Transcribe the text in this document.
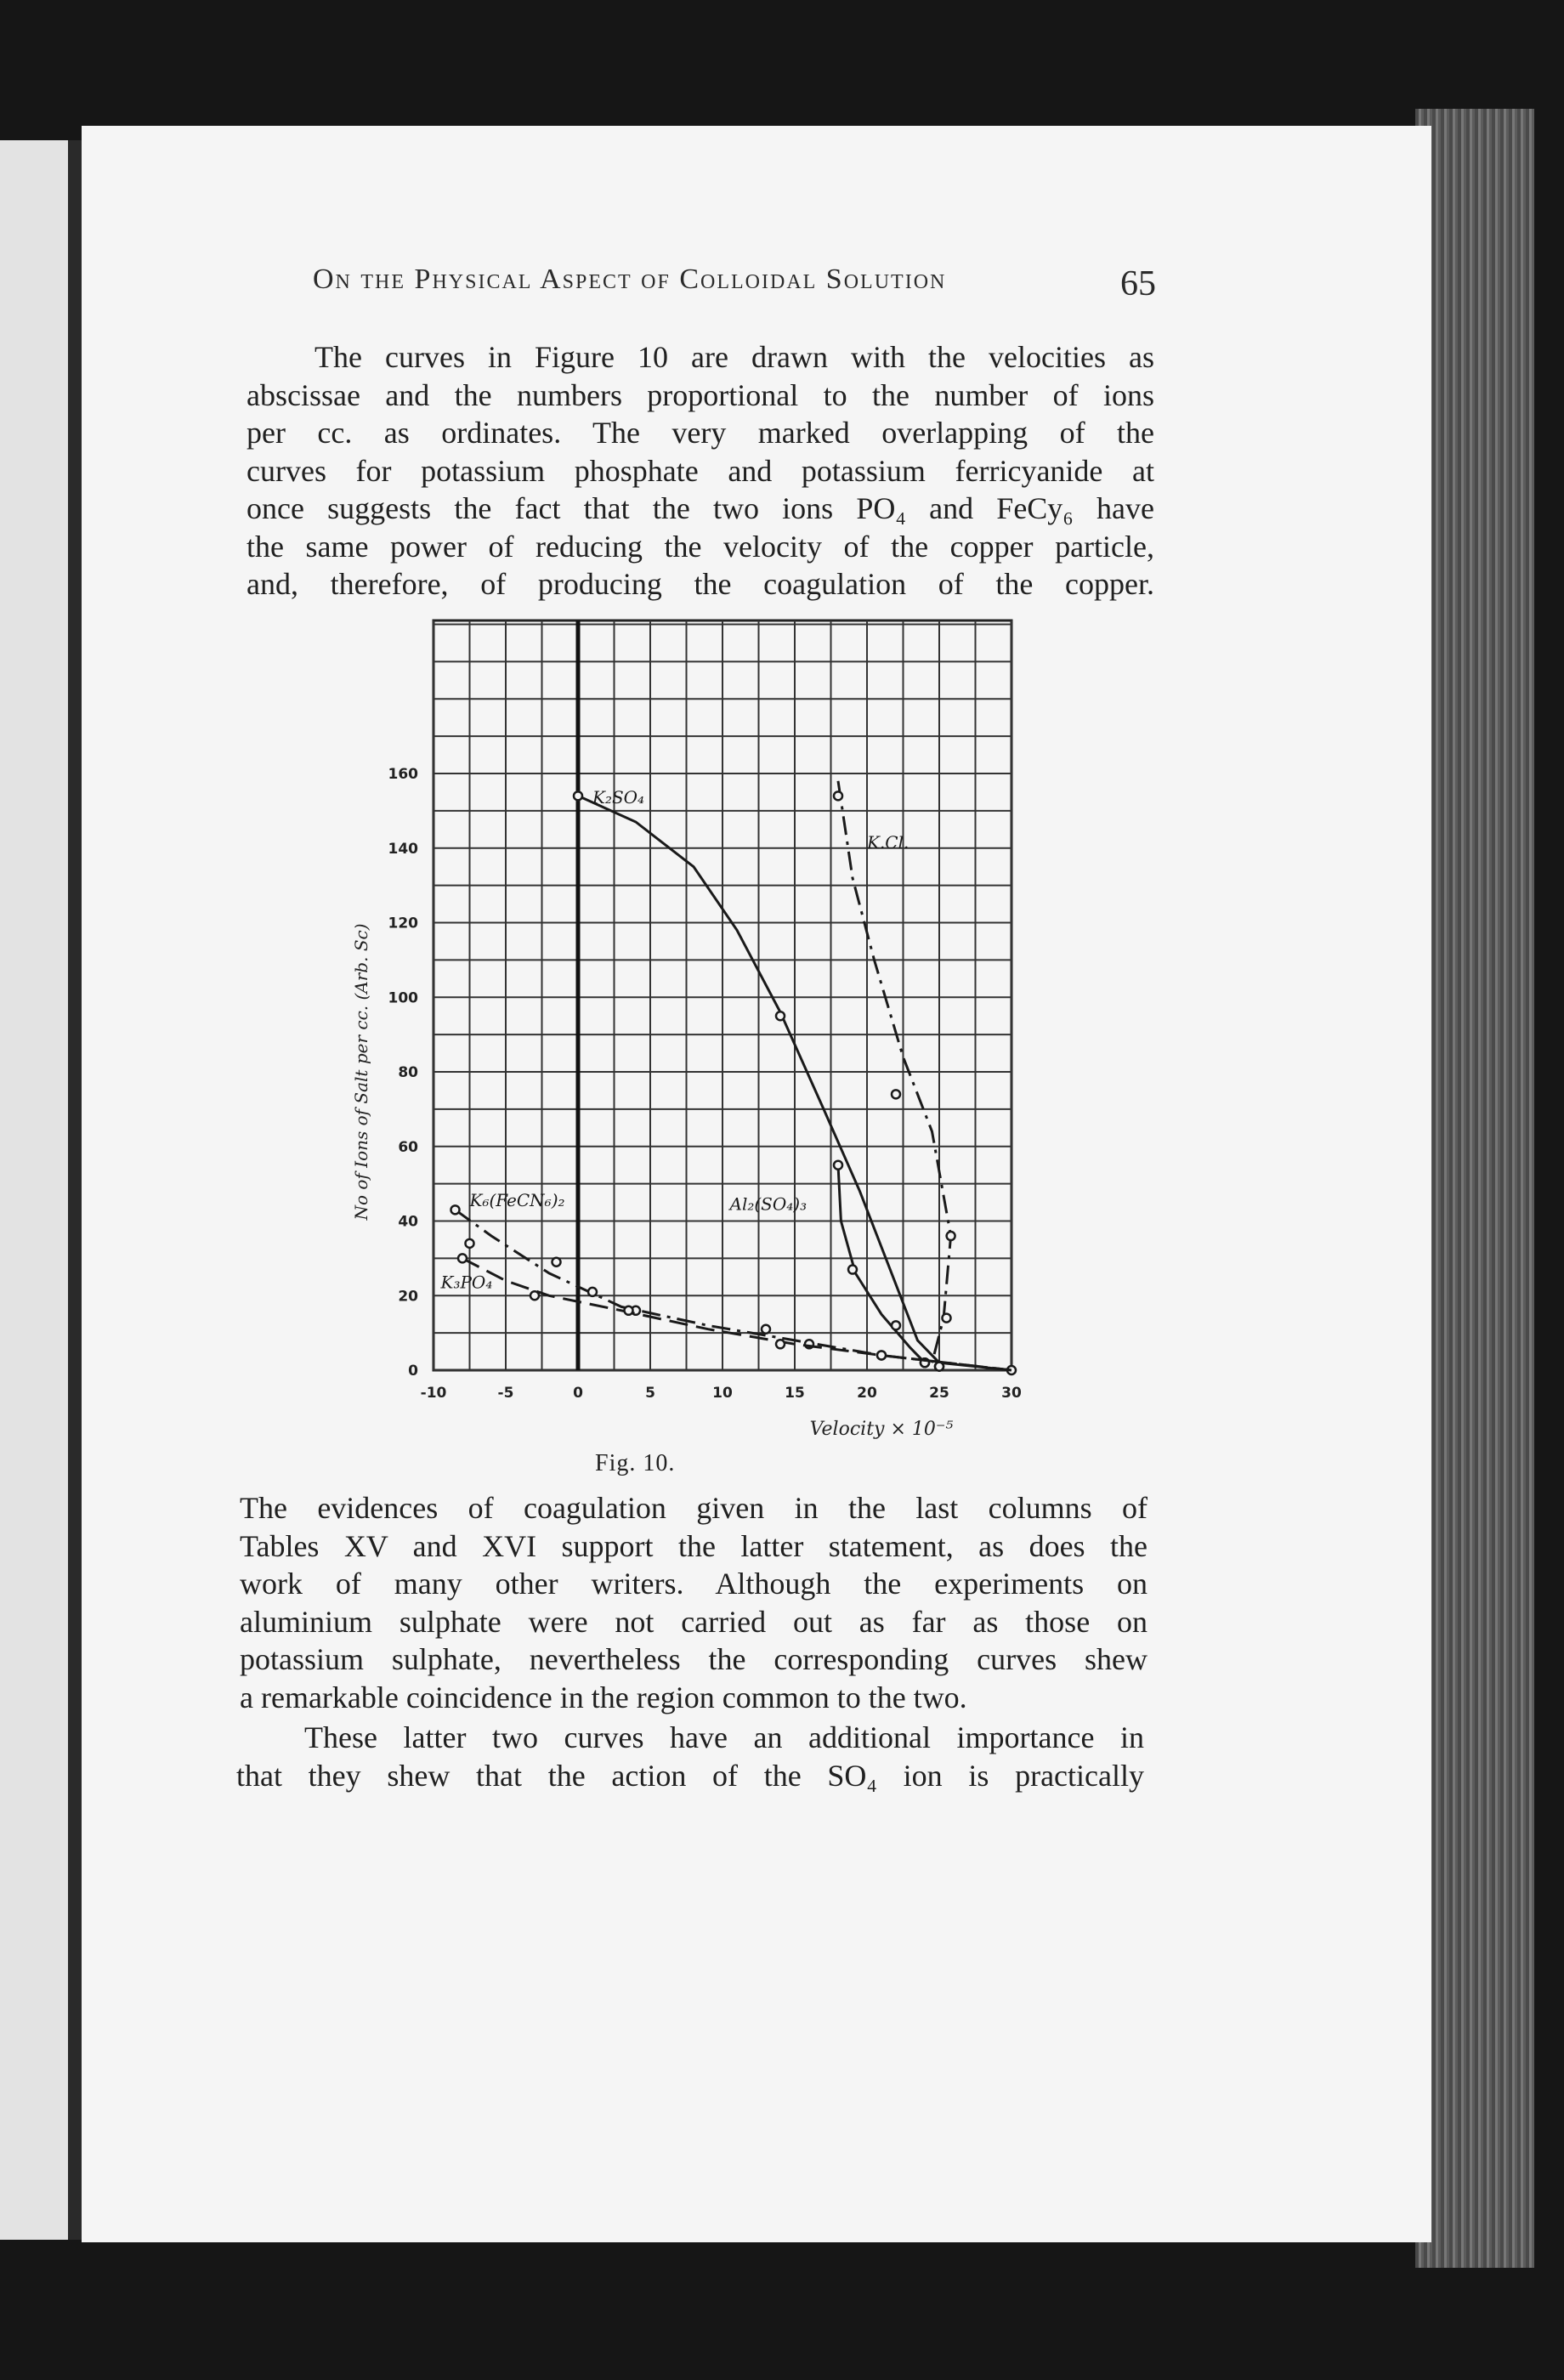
On the Physical Aspect of Colloidal Solution	65
The curves in Figure 10 are drawn with the velocities as
abscissae and the numbers proportional to the number of ions
per cc. as ordinates. The very marked overlapping of the
curves for potassium phosphate and potassium ferricyanide at
once suggests the fact that the two ions PO₄ and FeCy₆ have
the same power of reducing the velocity of the copper particle,
and, therefore, of producing the coagulation of the copper.
-10	-5	0	5	10	15	20	25	30
0
20
40
60
80
100
120
140
160
Velocity × 10⁻⁵
No of Ions of Salt per cc. (Arb. Sc)
K₂SO₄
K.Cl.
Al₂(SO₄)₃
K₆(FeCN₆)₂
K₃PO₄
Fig. 10.
The evidences of coagulation given in the last columns of
Tables XV and XVI support the latter statement, as does the
work of many other writers. Although the experiments on
aluminium sulphate were not carried out as far as those on
potassium sulphate, nevertheless the corresponding curves shew
a remarkable coincidence in the region common to the two.
These latter two curves have an additional importance in
that they shew that the action of the SO₄ ion is practically
